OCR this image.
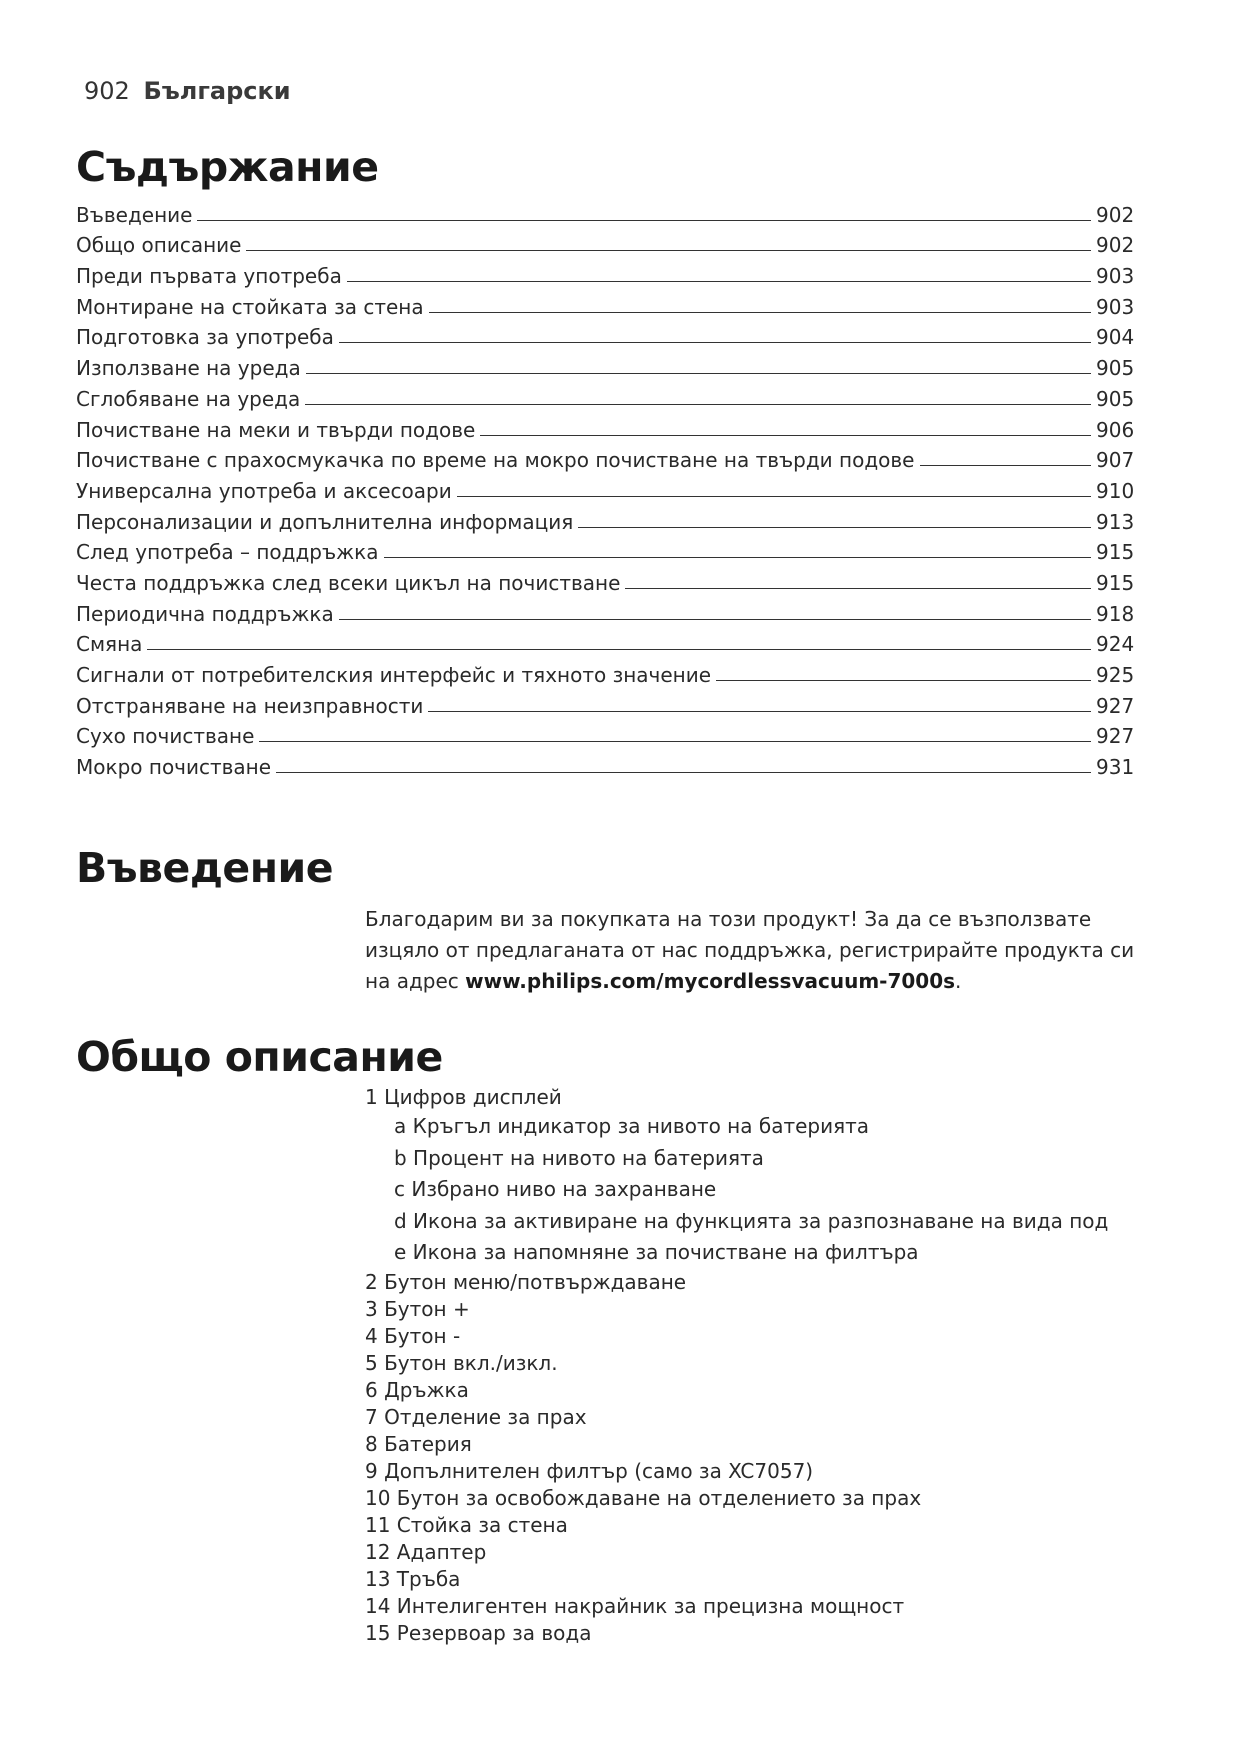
902 Български
Съдържание
Въведение	902
Общо описание	902
Преди първата употреба	903
Монтиране на стойката за стена	903
Подготовка за употреба	904
Използване на уреда	905
Сглобяване на уреда	905
Почистване на меки и твърди подове	906
Почистване с прахосмукачка по време на мокро почистване на твърди подове	907
Универсална употреба и аксесоари	910
Персонализации и допълнителна информация	913
След употреба – поддръжка	915
Честа поддръжка след всеки цикъл на почистване	915
Периодична поддръжка	918
Смяна	924
Сигнали от потребителския интерфейс и тяхното значение	925
Отстраняване на неизправности	927
Сухо почистване	927
Мокро почистване	931
Въведение

Благодарим ви за покупката на този продукт! За да се възползвате изцяло от предлаганата от нас поддръжка, регистрирайте продукта си на адрес www.philips.com/mycordlessvacuum-7000s.

Общо описание
1 Цифров дисплей
a Кръгъл индикатор за нивото на батерията
b Процент на нивото на батерията
c Избрано ниво на захранване
d Икона за активиране на функцията за разпознаване на вида под
e Икона за напомняне за почистване на филтъра
2 Бутон меню/потвърждаване
3 Бутон +
4 Бутон -
5 Бутон вкл./изкл.
6 Дръжка
7 Отделение за прах
8 Батерия
9 Допълнителен филтър (само за XC7057)
10 Бутон за освобождаване на отделението за прах
11 Стойка за стена
12 Адаптер
13 Тръба
14 Интелигентен накрайник за прецизна мощност
15 Резервоар за вода
